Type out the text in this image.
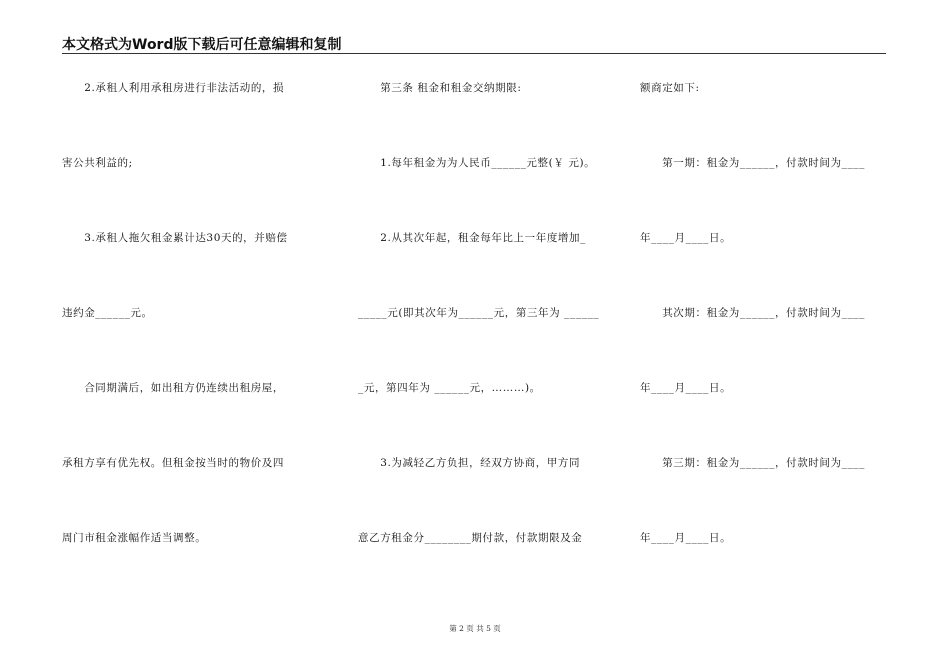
本文格式为Word版下载后可任意编辑和复制
　　2.承租人利用承租房进行非法活动的，损
害公共利益的;
　　3.承租人拖欠租金累计达30天的，并赔偿
违约金______元。
　　合同期满后，如出租方仍连续出租房屋，
承租方享有优先权。但租金按当时的物价及四
周门市租金涨幅作适当调整。
　　第三条 租金和租金交纳期限:
　　1.每年租金为为人民币______元整(￥ 元)。
　　2.从其次年起，租金每年比上一年度增加_
_____元(即其次年为______元，第三年为 ______
_元，第四年为 ______元，………)。
　　3.为减轻乙方负担，经双方协商，甲方同
意乙方租金分________期付款，付款期限及金
额商定如下:
　　第一期：租金为______，付款时间为____
年____月____日。
　　其次期：租金为______，付款时间为____
年____月____日。
　　第三期：租金为______，付款时间为____
年____月____日。
第 2 页 共 5 页
